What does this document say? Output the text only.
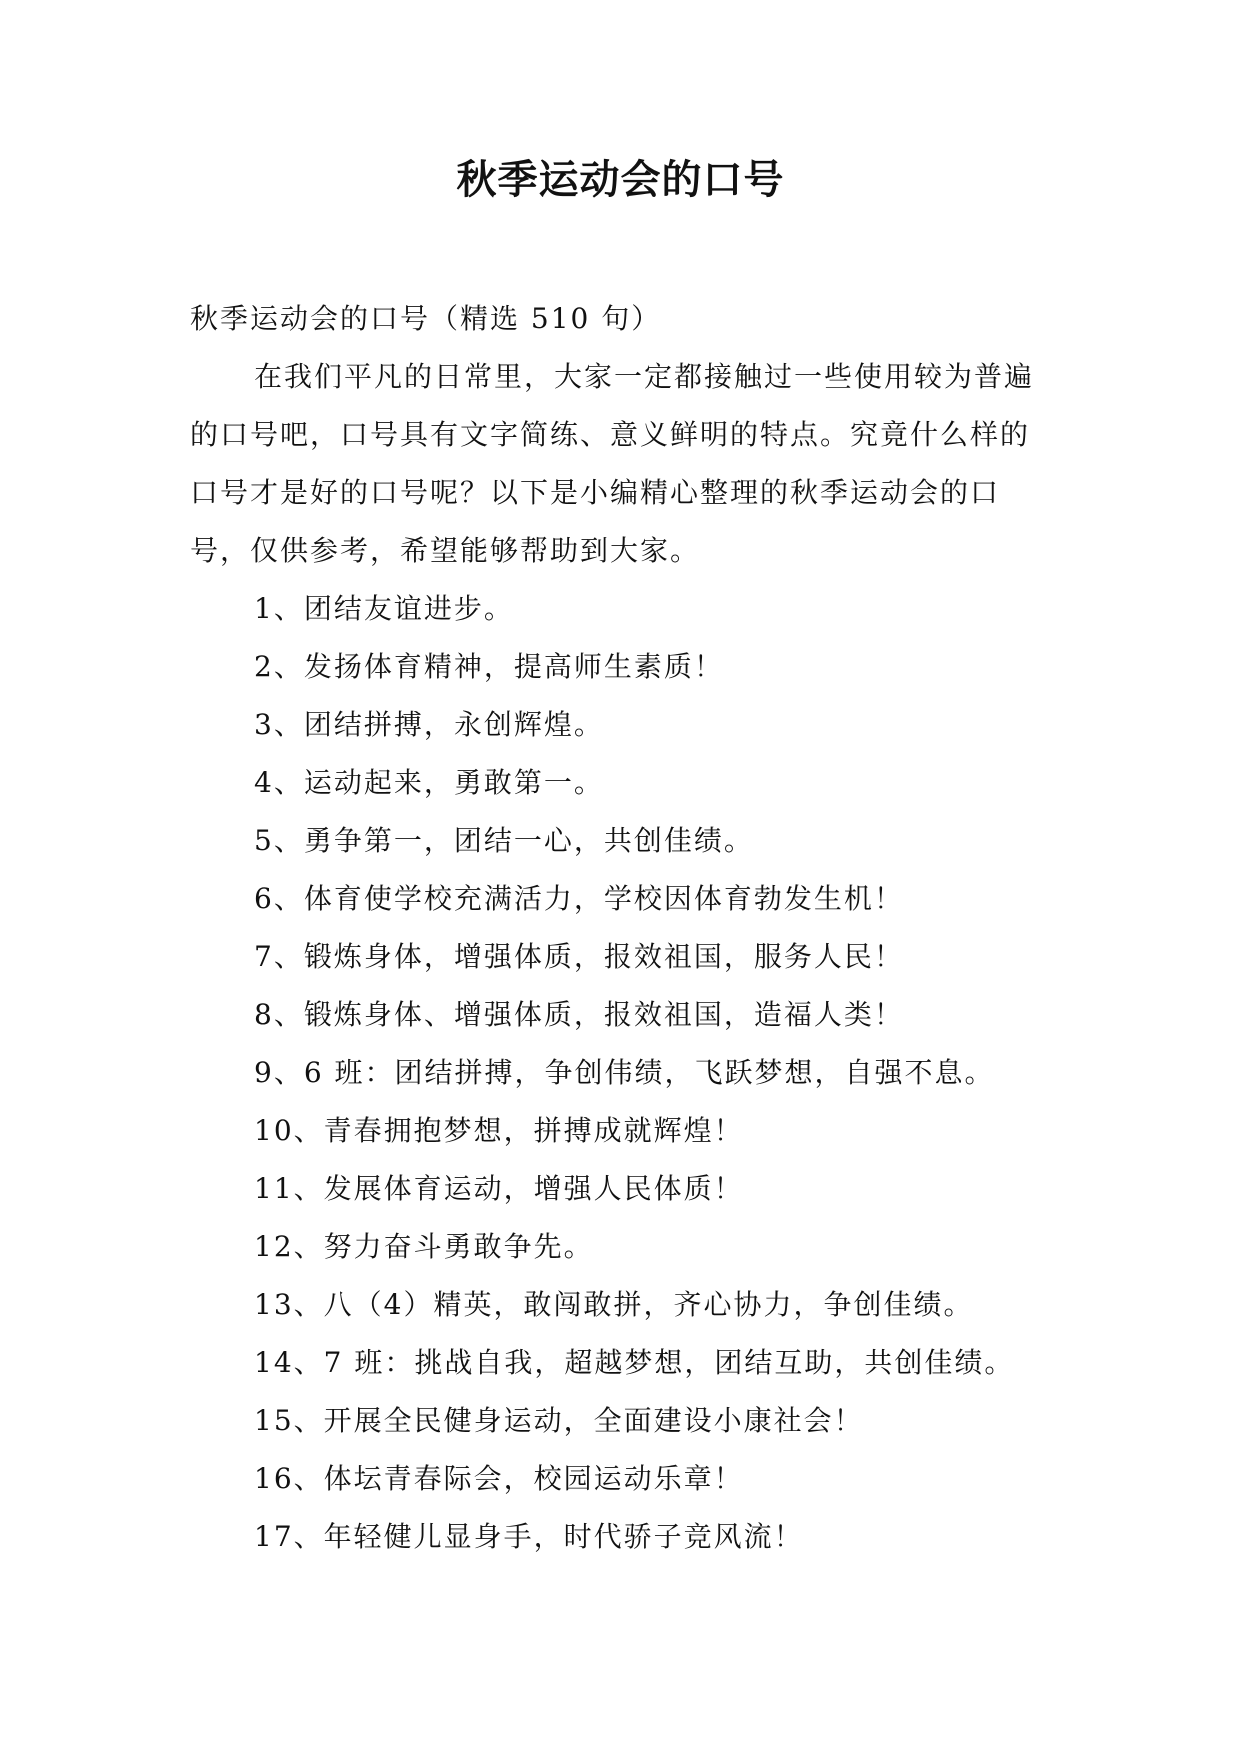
秋季运动会的口号

秋季运动会的口号（精选 510 句）

在我们平凡的日常里，大家一定都接触过一些使用较为普遍的口号吧，口号具有文字简练、意义鲜明的特点。究竟什么样的口号才是好的口号呢？以下是小编精心整理的秋季运动会的口号，仅供参考，希望能够帮助到大家。

1、团结友谊进步。
2、发扬体育精神，提高师生素质！
3、团结拼搏，永创辉煌。
4、运动起来，勇敢第一。
5、勇争第一，团结一心，共创佳绩。
6、体育使学校充满活力，学校因体育勃发生机！
7、锻炼身体，增强体质，报效祖国，服务人民！
8、锻炼身体、增强体质，报效祖国，造福人类！
9、6 班：团结拼搏，争创伟绩，飞跃梦想，自强不息。
10、青春拥抱梦想，拼搏成就辉煌！
11、发展体育运动，增强人民体质！
12、努力奋斗勇敢争先。
13、八（4）精英，敢闯敢拼，齐心协力，争创佳绩。
14、7 班：挑战自我，超越梦想，团结互助，共创佳绩。
15、开展全民健身运动，全面建设小康社会！
16、体坛青春际会，校园运动乐章！
17、年轻健儿显身手，时代骄子竞风流！
